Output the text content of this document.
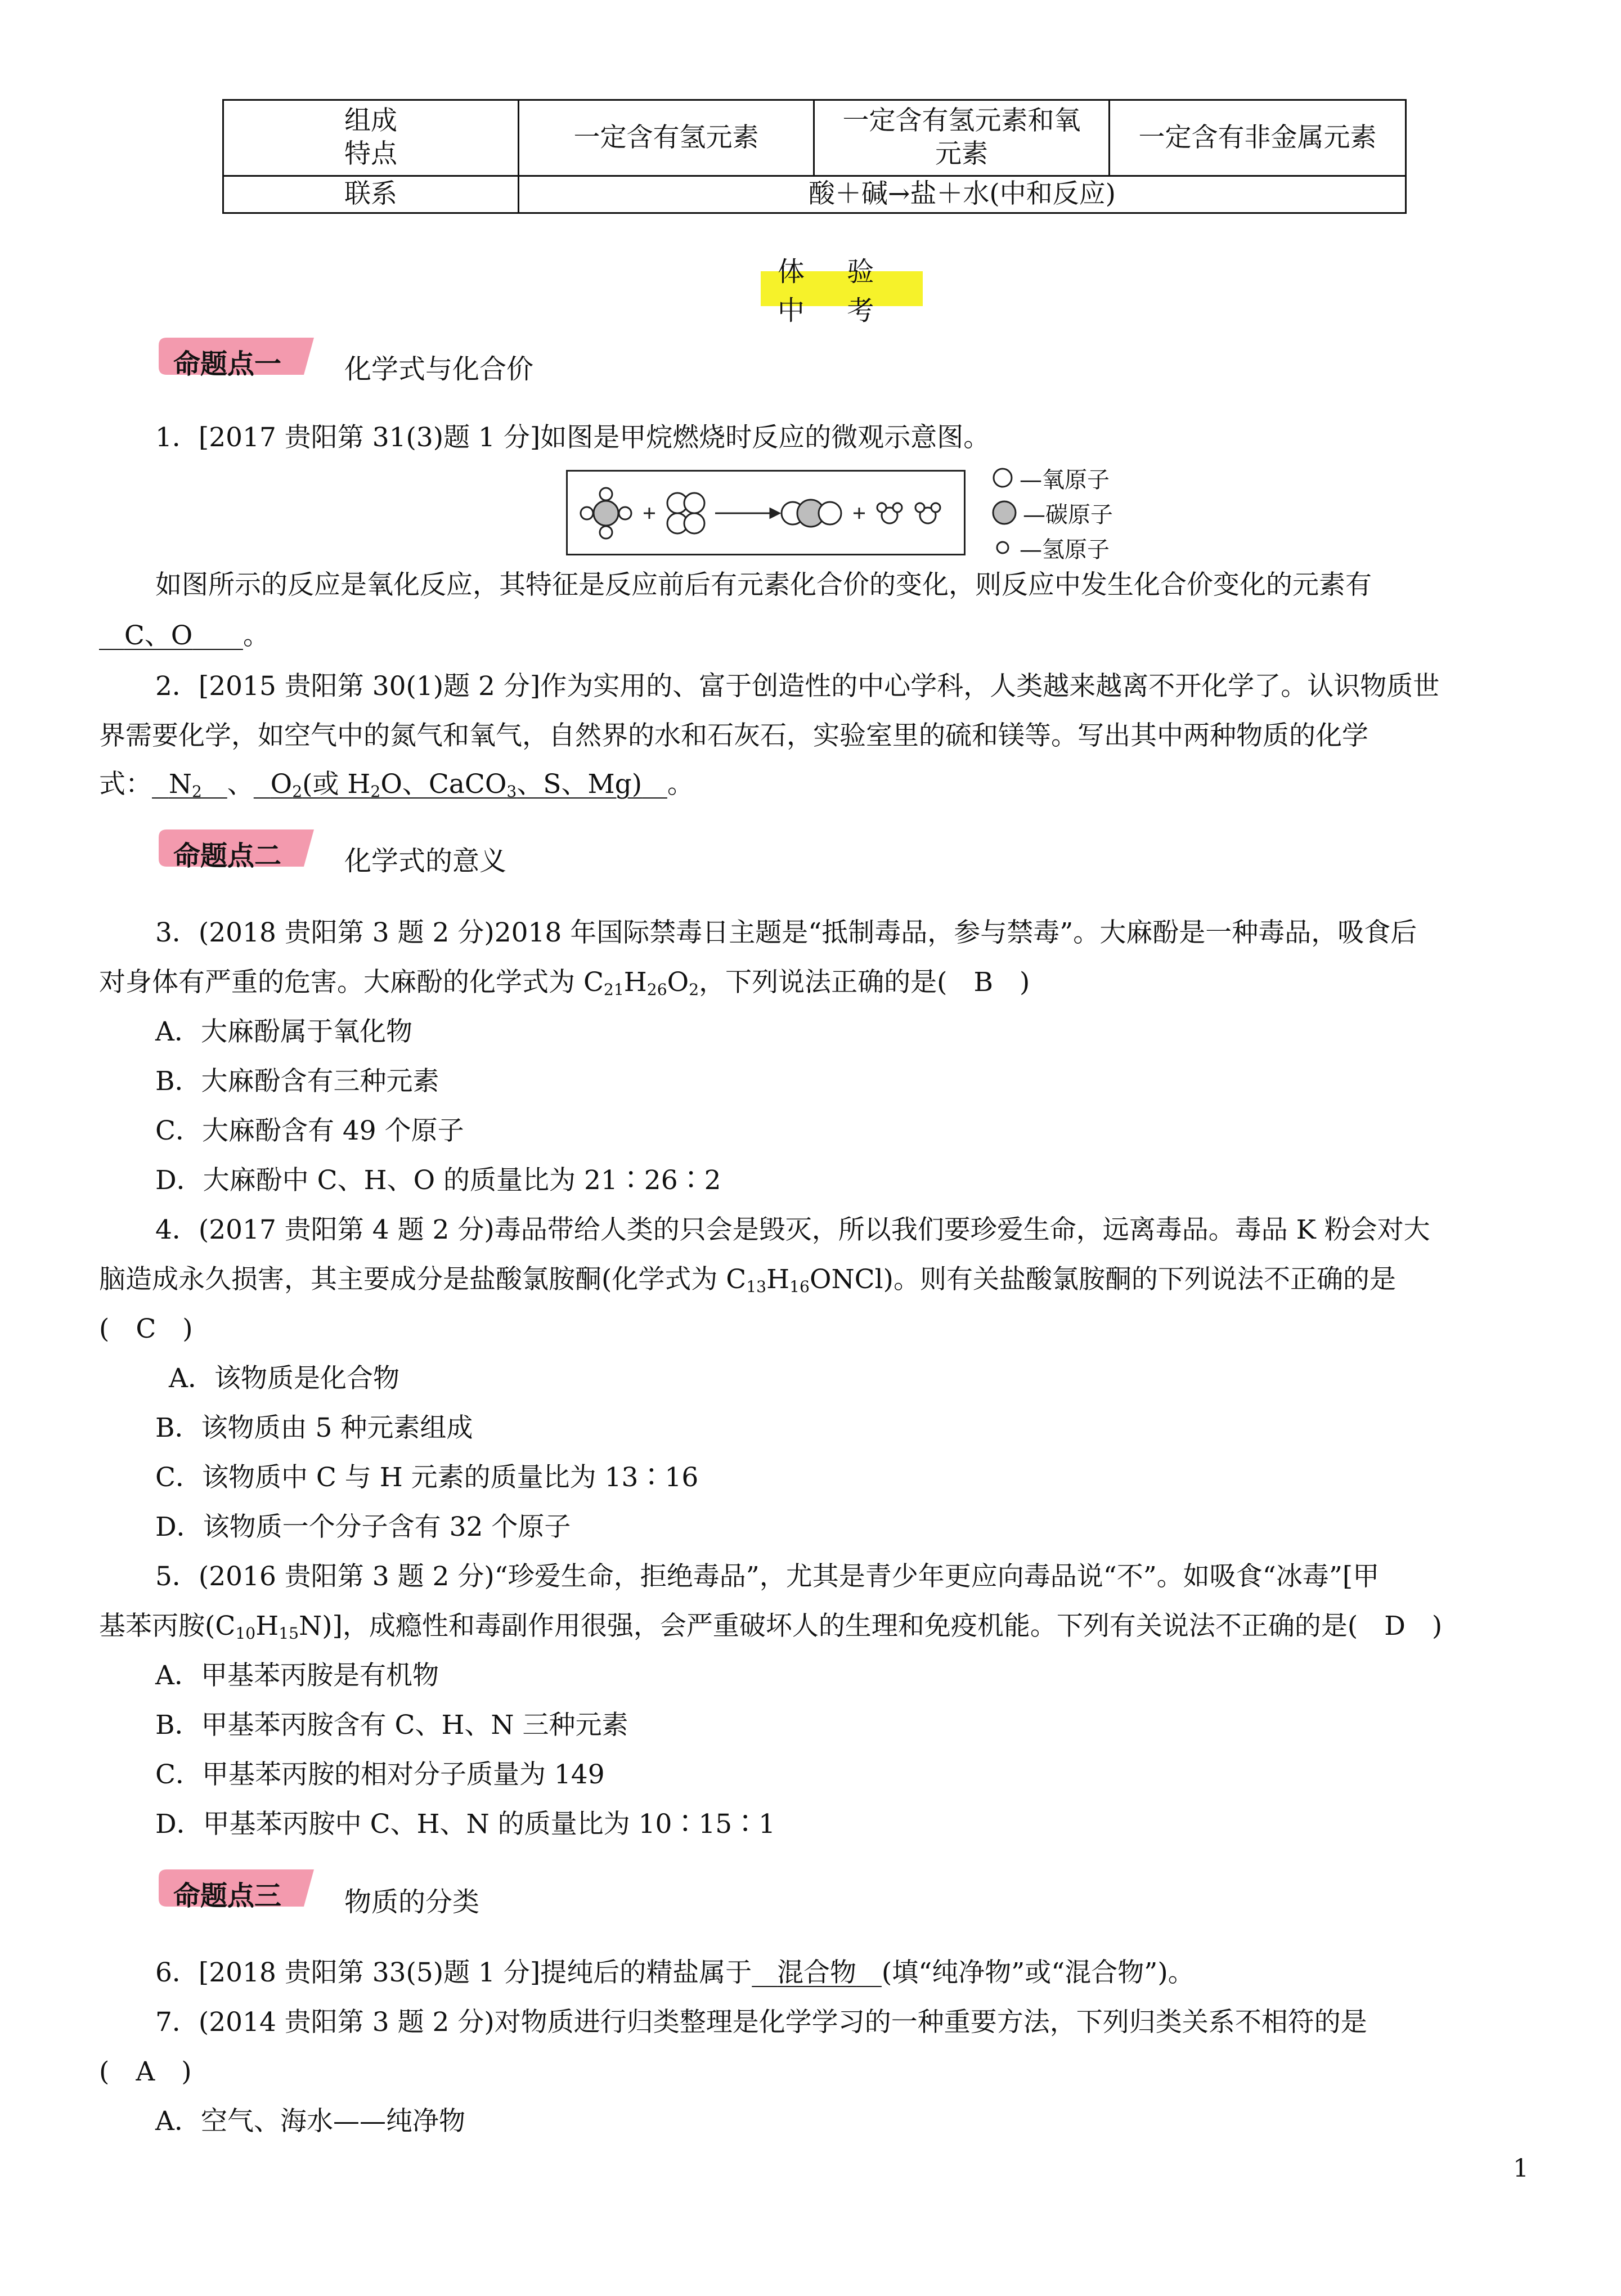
组成
特点
一定含有氢元素
一定含有氢元素和氧
元素
一定含有非金属元素
联系	酸＋碱→盐＋水(中和反应)
体 验 中 考
命题点一 化学式与化合价
1．[2017 贵阳第 31(3)题 1 分]如图是甲烷燃烧时反应的微观示意图。
—氧原子
—碳原子
—氢原子
如图所示的反应是氧化反应，其特征是反应前后有元素化合价的变化，则反应中发生化合价变化的元素有
C、O 。
2．[2015 贵阳第 30(1)题 2 分]作为实用的、富于创造性的中心学科，人类越来越离不开化学了。认识物质世
界需要化学，如空气中的氮气和氧气，自然界的水和石灰石，实验室里的硫和镁等。写出其中两种物质的化学
式： $N_2$ 、 $O_2$(或 $H_2O$、CaCO$_3$、S、Mg) 。
命题点二 化学式的意义
3．(2018 贵阳第 3 题 2 分)2018 年国际禁毒日主题是“抵制毒品，参与禁毒”。大麻酚是一种毒品，吸食后
对身体有严重的危害。大麻酚的化学式为 $C_{21}H_{26}O_2$，下列说法正确的是(　B　)
A．大麻酚属于氧化物
B．大麻酚含有三种元素
C．大麻酚含有 49 个原子
D．大麻酚中 C、H、O 的质量比为 21∶26∶2
4．(2017 贵阳第 4 题 2 分)毒品带给人类的只会是毁灭，所以我们要珍爱生命，远离毒品。毒品 K 粉会对大
脑造成永久损害，其主要成分是盐酸氯胺酮(化学式为 $C_{13}H_{16}ONCl$)。则有关盐酸氯胺酮的下列说法不正确的是
(　C　)
A．该物质是化合物
B．该物质由 5 种元素组成
C．该物质中 C 与 H 元素的质量比为 13∶16
D．该物质一个分子含有 32 个原子
5．(2016 贵阳第 3 题 2 分)“珍爱生命，拒绝毒品”，尤其是青少年更应向毒品说“不”。如吸食“冰毒”[甲
基苯丙胺$(C_{10}H_{15}N)$]，成瘾性和毒副作用很强，会严重破坏人的生理和免疫机能。下列有关说法不正确的是(　D　)
A．甲基苯丙胺是有机物
B．甲基苯丙胺含有 C、H、N 三种元素
C．甲基苯丙胺的相对分子质量为 149
D．甲基苯丙胺中 C、H、N 的质量比为 10∶15∶1
命题点三 物质的分类
6．[2018 贵阳第 33(5)题 1 分]提纯后的精盐属于 混合物 (填“纯净物”或“混合物”)。
7．(2014 贵阳第 3 题 2 分)对物质进行归类整理是化学学习的一种重要方法，下列归类关系不相符的是
(　A　)
A．空气、海水——纯净物
1
